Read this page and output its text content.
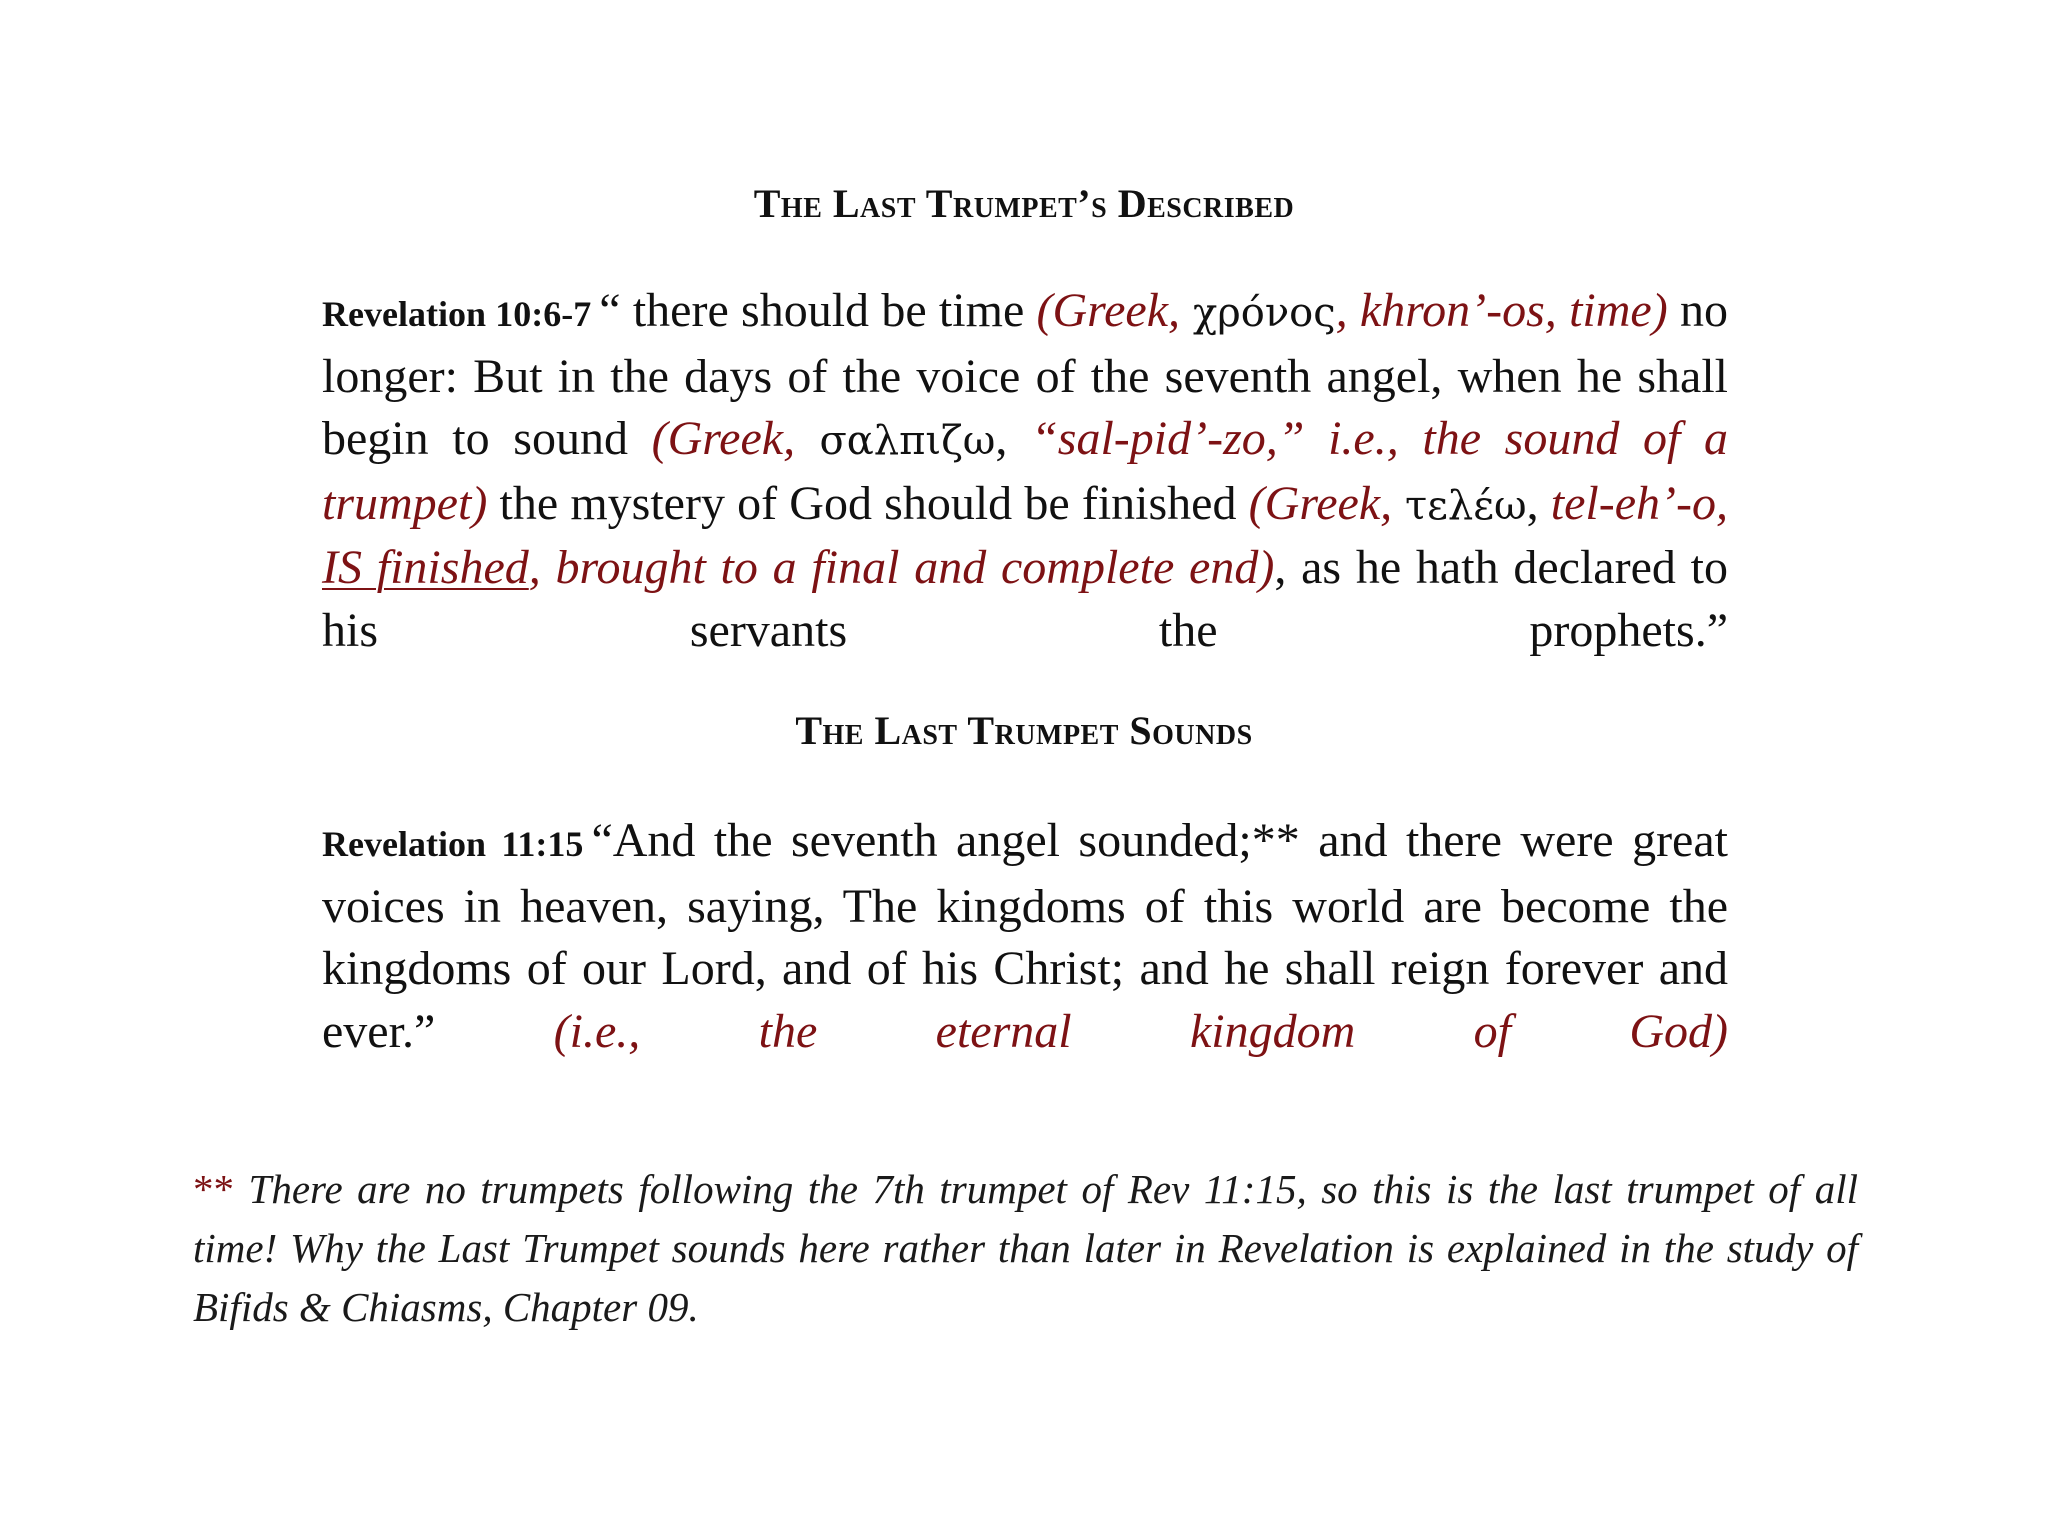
The Last Trumpet’s Described
Revelation 10:6-7 “ there should be time (Greek, χρόνος, khron’-os, time) no longer: But in the days of the voice of the seventh angel, when he shall begin to sound (Greek, σαλπιζω, “sal-pid’-zo,” i.e., the sound of a trumpet) the mystery of God should be finished (Greek, τελέω, tel-eh’-o, IS finished, brought to a final and complete end), as he hath declared to his servants the prophets.”
The Last Trumpet Sounds
Revelation 11:15 “And the seventh angel sounded;** and there were great voices in heaven, saying, The kingdoms of this world are become the kingdoms of our Lord, and of his Christ; and he shall reign forever and ever.” (i.e., the eternal kingdom of God)
** There are no trumpets following the 7th trumpet of Rev 11:15, so this is the last trumpet of all time! Why the Last Trumpet sounds here rather than later in Revelation is explained in the study of Bifids & Chiasms, Chapter 09.
